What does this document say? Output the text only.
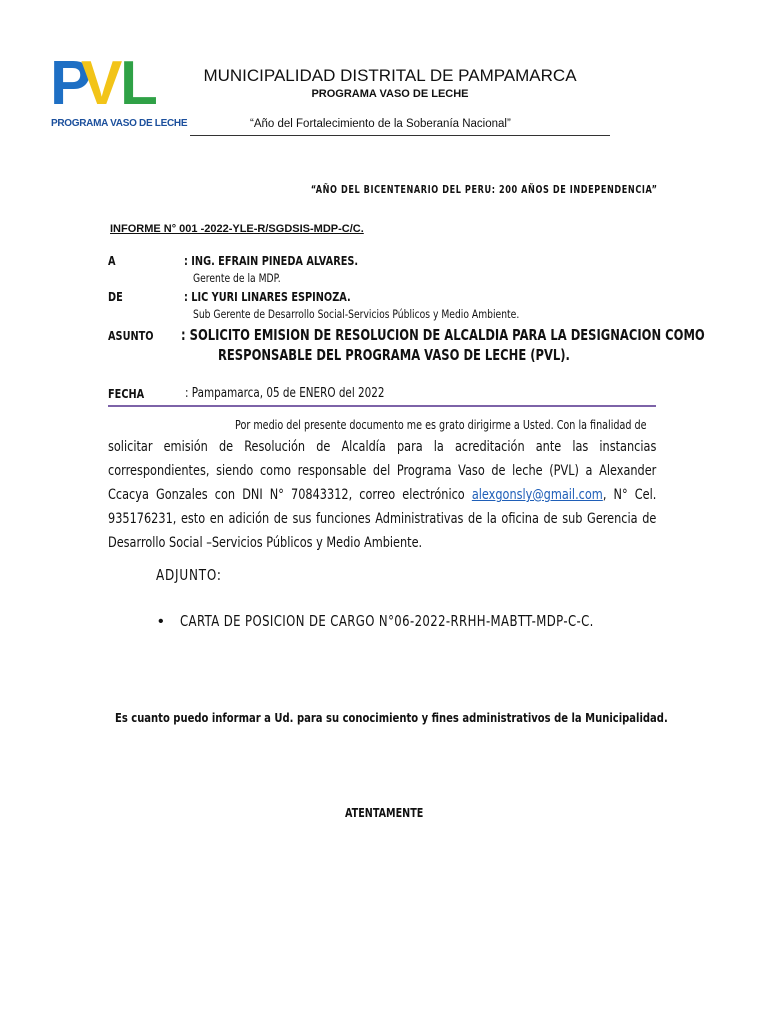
P
V
L
PROGRAMA VASO DE LECHE
MUNICIPALIDAD DISTRITAL DE PAMPAMARCA
PROGRAMA VASO DE LECHE
“Año del Fortalecimiento de la Soberanía Nacional”
“AÑO DEL BICENTENARIO DEL PERU: 200 AÑOS DE INDEPENDENCIA”
INFORME N° 001 -2022-YLE-R/SGDSIS-MDP-C/C.
A	: ING. EFRAIN PINEDA ALVARES.
Gerente de la MDP.
DE	: LIC YURI LINARES ESPINOZA.
Sub Gerente de Desarrollo Social-Servicios Públicos y Medio Ambiente.
ASUNTO : SOLICITO EMISION DE RESOLUCION DE ALCALDIA PARA LA DESIGNACION COMO
RESPONSABLE DEL PROGRAMA VASO DE LECHE (PVL).
FECHA	: Pampamarca, 05 de ENERO del 2022
Por medio del presente documento me es grato dirigirme a Usted. Con la finalidad de
solicitar emisión de Resolución de Alcaldía para la acreditación ante las instancias correspondientes, siendo como responsable del Programa Vaso de leche (PVL) a Alexander Ccacya Gonzales con DNI N° 70843312, correo electrónico alexgonsly@gmail.com, N° Cel. 935176231, esto en adición de sus funciones Administrativas de la oficina de sub Gerencia de Desarrollo Social –Servicios Públicos y Medio Ambiente.
ADJUNTO:
• CARTA DE POSICION DE CARGO N°06-2022-RRHH-MABTT-MDP-C-C.
Es cuanto puedo informar a Ud. para su conocimiento y fines administrativos de la Municipalidad.
ATENTAMENTE
